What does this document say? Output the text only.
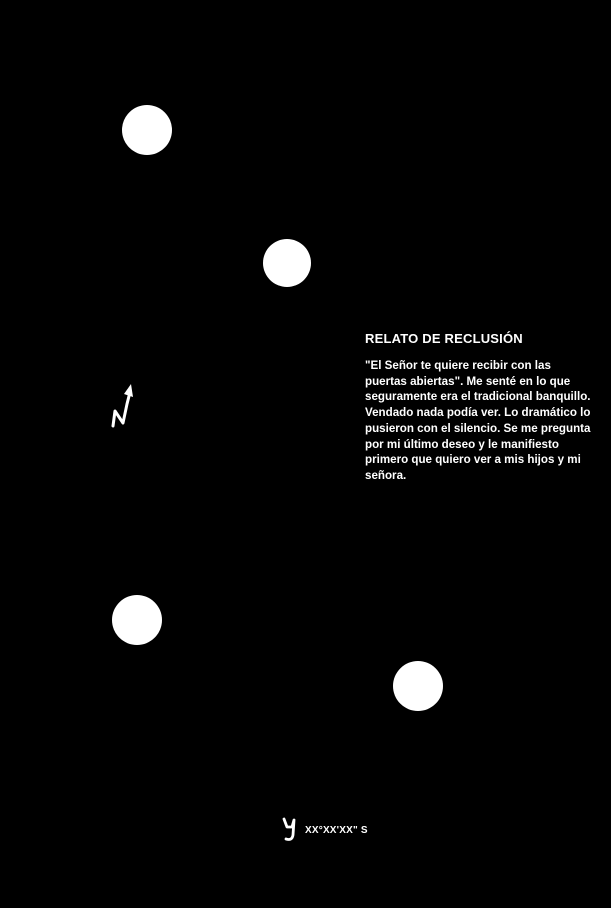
RELATO DE RECLUSIÓN

"El Señor te quiere recibir con las puertas abiertas". Me senté en lo que seguramente era el tradicional banquillo. Vendado nada podía ver. Lo dramático lo pusieron con el silencio. Se me pregunta por mi último deseo y le manifiesto primero que quiero ver a mis hijos y mi señora.

XX°XX'XX" S
